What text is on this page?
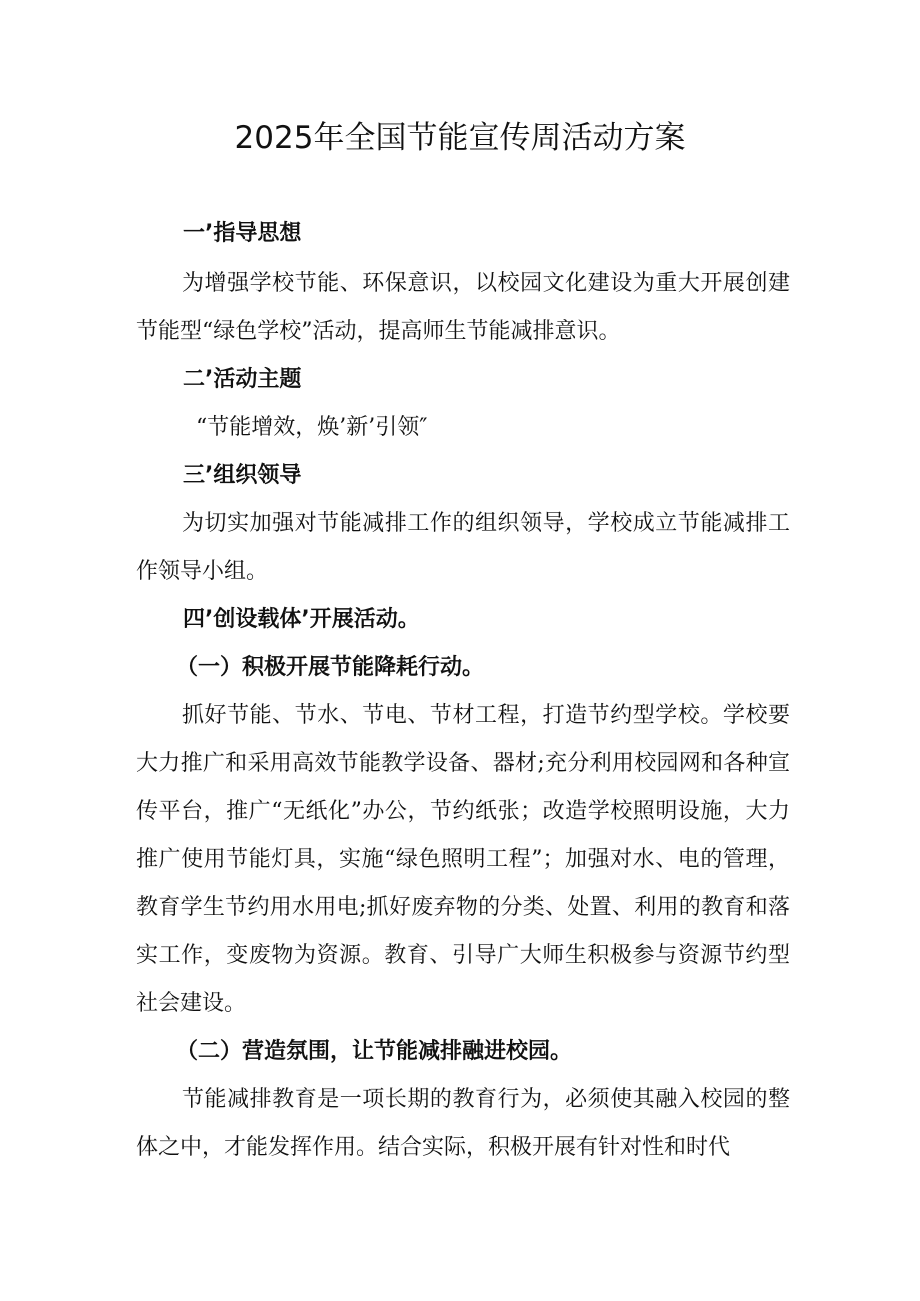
2025年全国节能宣传周活动方案

一’指导思想

为增强学校节能、环保意识，以校园文化建设为重大开展创建节能型“绿色学校”活动，提高师生节能减排意识。

二’活动主题

“节能增效，焕’新’引领″

三’组织领导

为切实加强对节能减排工作的组织领导，学校成立节能减排工作领导小组。

四’创设载体’开展活动。

（一）积极开展节能降耗行动。

抓好节能、节水、节电、节材工程，打造节约型学校。学校要大力推广和采用高效节能教学设备、器材;充分利用校园网和各种宣传平台，推广“无纸化”办公，节约纸张；改造学校照明设施，大力推广使用节能灯具，实施“绿色照明工程”；加强对水、电的管理，教育学生节约用水用电;抓好废弃物的分类、处置、利用的教育和落实工作，变废物为资源。教育、引导广大师生积极参与资源节约型社会建设。

（二）营造氛围，让节能减排融进校园。

节能减排教育是一项长期的教育行为，必须使其融入校园的整体之中，才能发挥作用。结合实际，积极开展有针对性和时代
